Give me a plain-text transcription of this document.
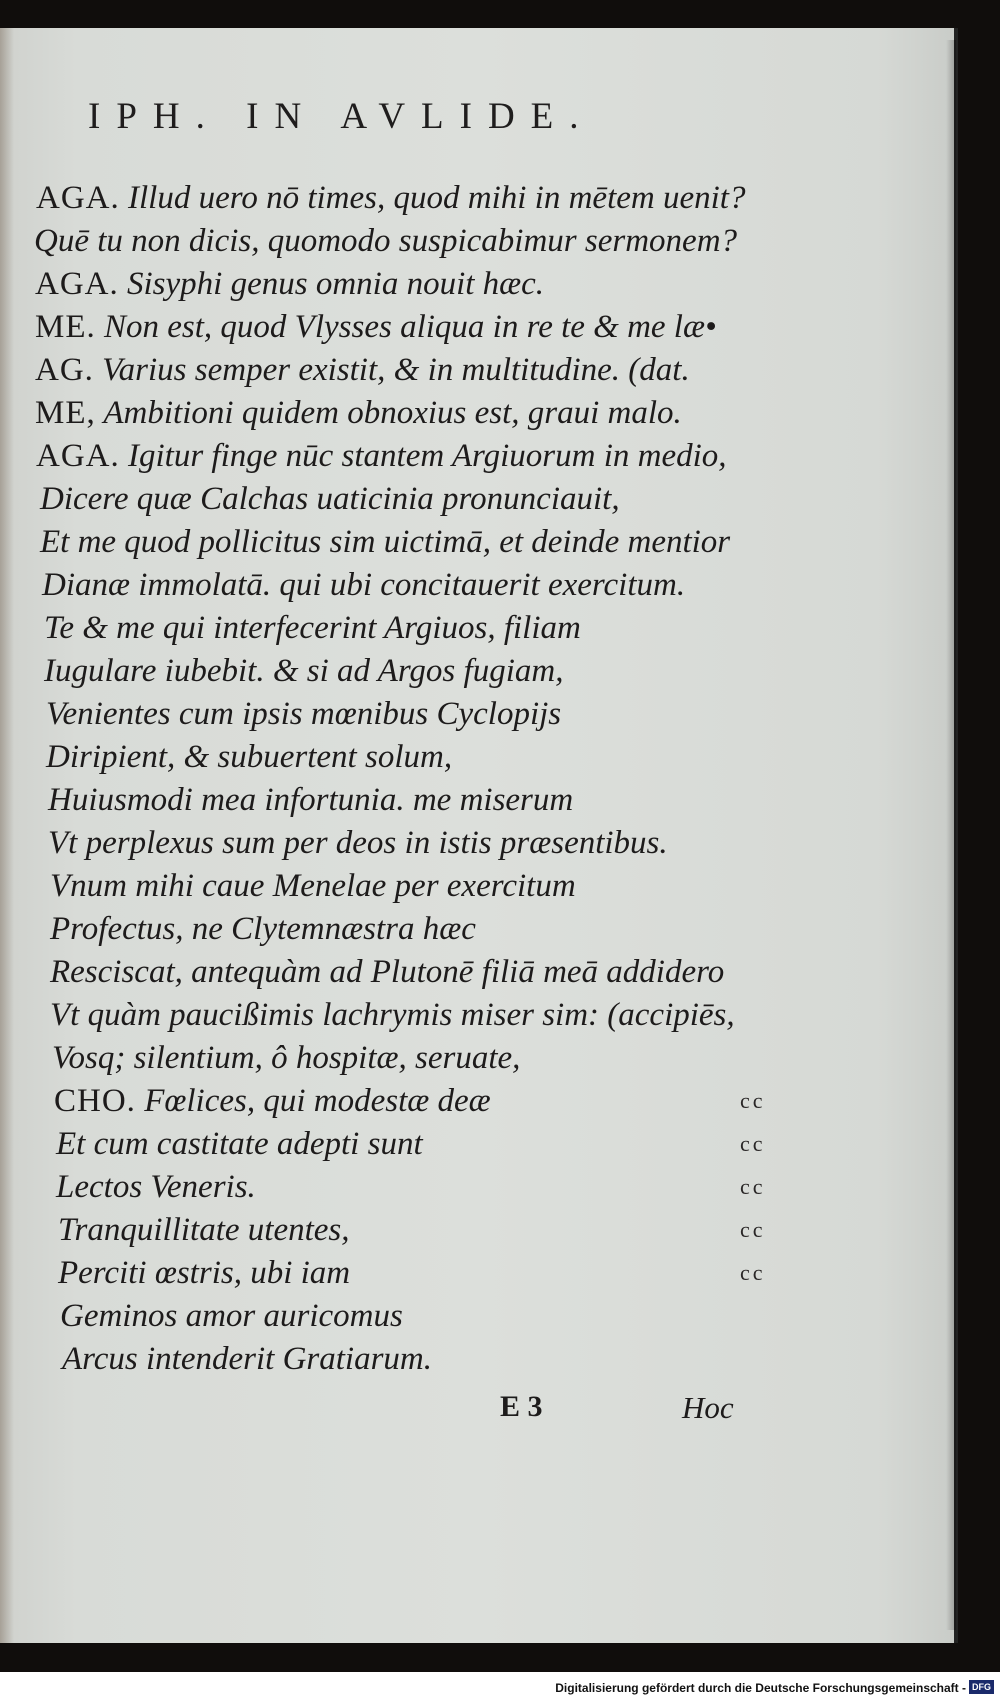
IPH. IN AVLIDE.
AGA. Illud uero nō times, quod mihi in mētem uenit?
Quē tu non dicis, quomodo suspicabimur sermonem?
AGA. Sisyphi genus omnia nouit hæc.
ME. Non est, quod Vlysses aliqua in re te & me læ•
AG. Varius semper existit, & in multitudine. (dat.
ME, Ambitioni quidem obnoxius est, graui malo.
AGA. Igitur finge nūc stantem Argiuorum in medio,
Dicere quæ Calchas uaticinia pronunciauit,
Et me quod pollicitus sim uictimā, et deinde mentior
Dianæ immolatā. qui ubi concitauerit exercitum.
Te & me qui interfecerint Argiuos, filiam
Iugulare iubebit. & si ad Argos fugiam,
Venientes cum ipsis mœnibus Cyclopijs
Diripient, & subuertent solum,
Huiusmodi mea infortunia. me miserum
Vt perplexus sum per deos in istis præsentibus.
Vnum mihi caue Menelae per exercitum
Profectus, ne Clytemnæstra hæc
Resciscat, antequàm ad Plutonē filiā meā addidero
Vt quàm paucißimis lachrymis miser sim: (accipiēs,
Vosq; silentium, ô hospitæ, seruate,
CHO. Fœlices, qui modestæ deæ
Et cum castitate adepti sunt
Lectos Veneris.
Tranquillitate utentes,
Perciti œstris, ubi iam
Geminos amor auricomus
Arcus intenderit Gratiarum.
cc
cc
cc
cc
cc
E 3	Hoc
Digitalisierung gefördert durch die Deutsche Forschungsgemeinschaft - DFG
